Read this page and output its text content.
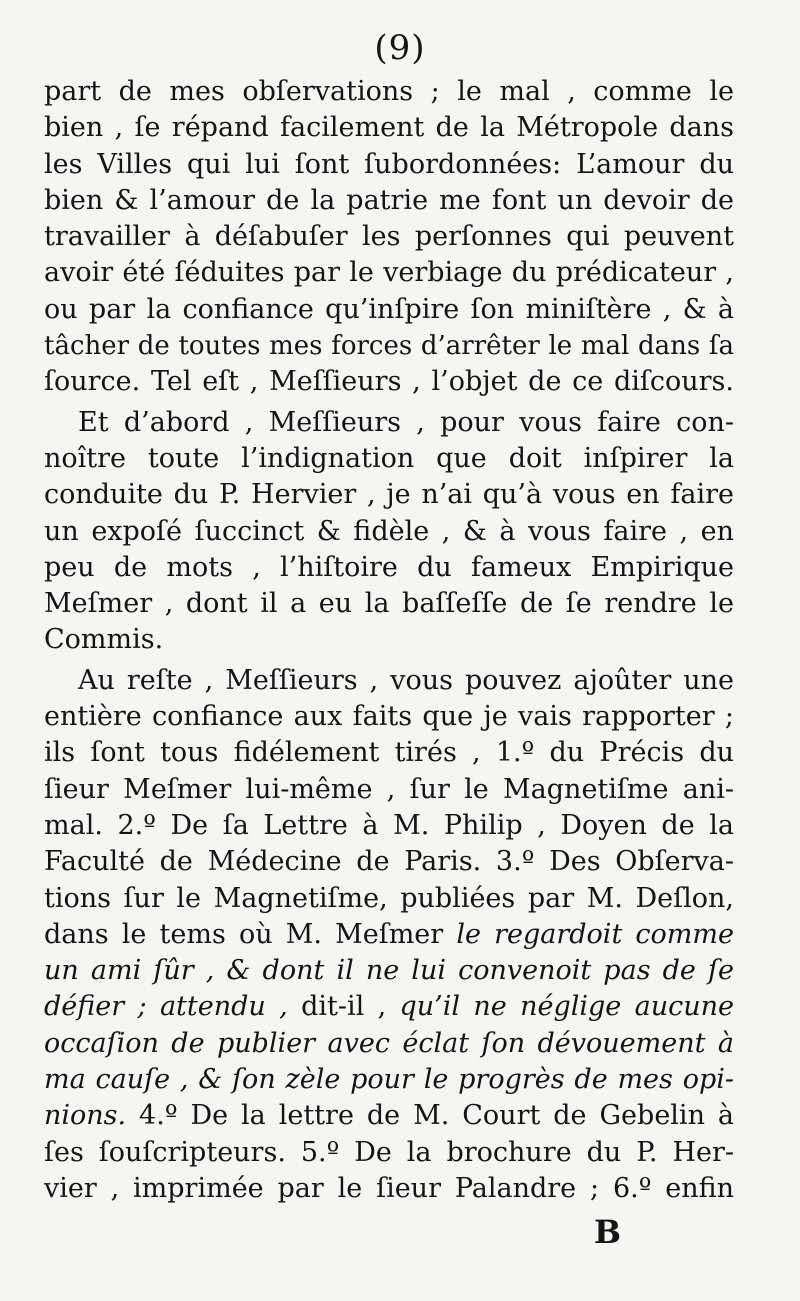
(9)
part de mes obſervations ; le mal , comme le
bien , ſe répand facilement de la Métropole dans
les Villes qui lui ſont ſubordonnées: L’amour du
bien & l’amour de la patrie me font un devoir de
travailler à déſabuſer les perſonnes qui peuvent
avoir été ſéduites par le verbiage du prédicateur ,
ou par la confiance qu’inſpire ſon miniſtère , & à
tâcher de toutes mes forces d’arrêter le mal dans ſa
ſource. Tel eſt , Meſſieurs , l’objet de ce diſcours.
Et d’abord , Meſſieurs , pour vous faire con-
noître toute l’indignation que doit inſpirer la
conduite du P. Hervier , je n’ai qu’à vous en faire
un expoſé ſuccinct & fidèle , & à vous faire , en
peu de mots , l’hiſtoire du fameux Empirique
Meſmer , dont il a eu la baſſeſſe de ſe rendre le
Commis.
Au reſte , Meſſieurs , vous pouvez ajoûter une
entière confiance aux faits que je vais rapporter ;
ils ſont tous fidélement tirés , 1.º du Précis du
ſieur Meſmer lui-même , ſur le Magnetiſme ani-
mal. 2.º De ſa Lettre à M. Philip , Doyen de la
Faculté de Médecine de Paris. 3.º Des Obſerva-
tions ſur le Magnetiſme, publiées par M. Deſlon,
dans le tems où M. Meſmer le regardoit comme
un ami ſûr , & dont il ne lui convenoit pas de ſe
défier ; attendu , dit-il , qu’il ne néglige aucune
occaſion de publier avec éclat ſon dévouement à
ma cauſe , & ſon zèle pour le progrès de mes opi-
nions. 4.º De la lettre de M. Court de Gebelin à
ſes ſouſcripteurs. 5.º De la brochure du P. Her-
vier , imprimée par le ſieur Palandre ; 6.º enfin
B
